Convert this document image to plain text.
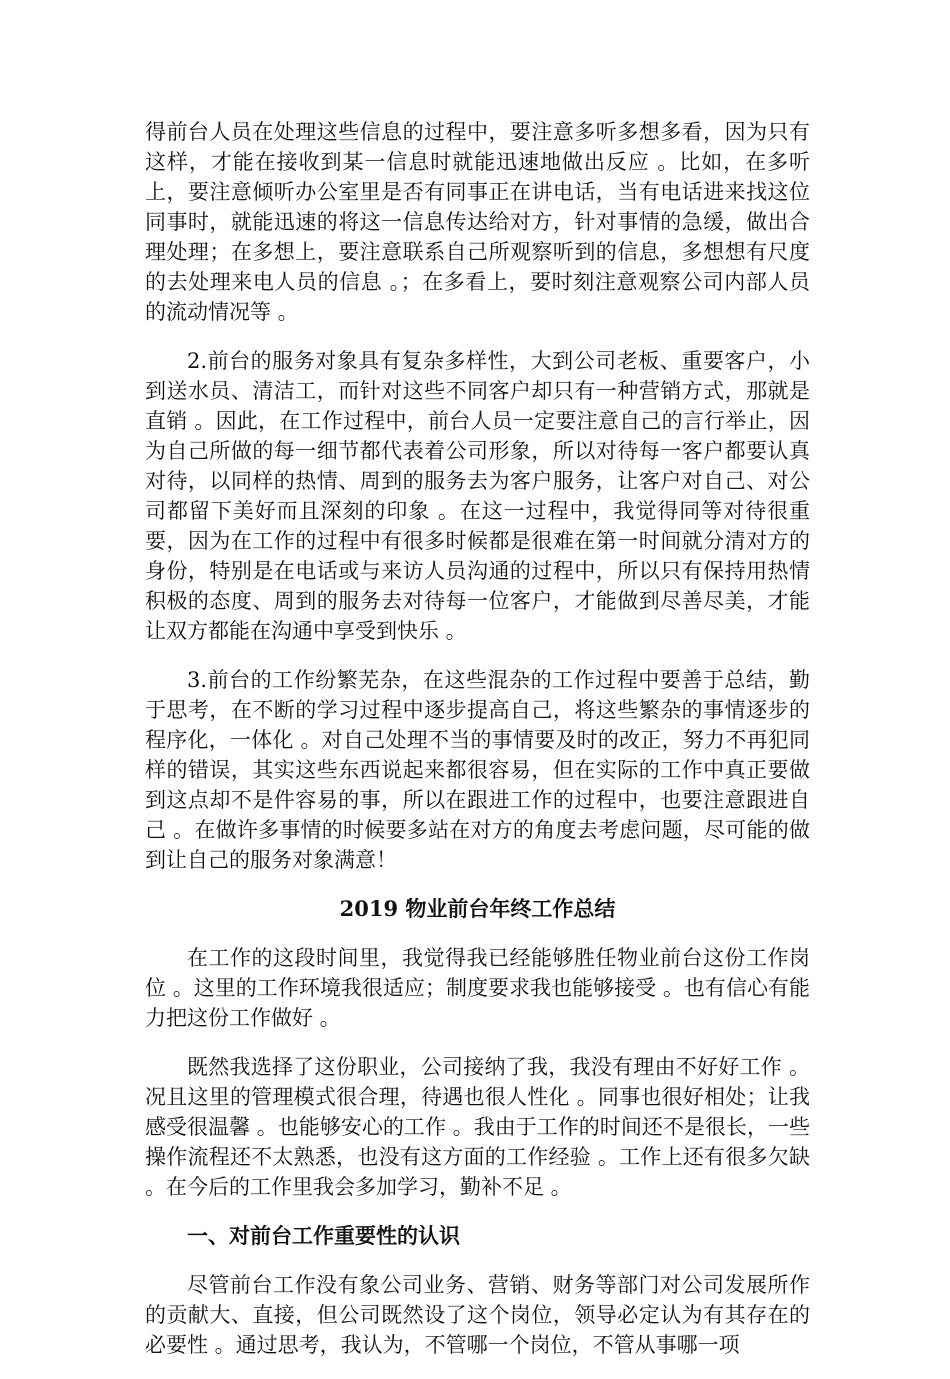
得前台人员在处理这些信息的过程中，要注意多听多想多看，因为只有这样，才能在接收到某一信息时就能迅速地做出反应 。比如，在多听上，要注意倾听办公室里是否有同事正在讲电话，当有电话进来找这位同事时，就能迅速的将这一信息传达给对方，针对事情的急缓，做出合理处理；在多想上，要注意联系自己所观察听到的信息，多想想有尺度的去处理来电人员的信息 。；在多看上，要时刻注意观察公司内部人员的流动情况等 。

2.前台的服务对象具有复杂多样性，大到公司老板、重要客户，小到送水员、清洁工，而针对这些不同客户却只有一种营销方式，那就是直销 。因此，在工作过程中，前台人员一定要注意自己的言行举止，因为自己所做的每一细节都代表着公司形象，所以对待每一客户都要认真对待，以同样的热情、周到的服务去为客户服务，让客户对自己、对公司都留下美好而且深刻的印象 。在这一过程中，我觉得同等对待很重要，因为在工作的过程中有很多时候都是很难在第一时间就分清对方的身份，特别是在电话或与来访人员沟通的过程中，所以只有保持用热情积极的态度、周到的服务去对待每一位客户，才能做到尽善尽美，才能让双方都能在沟通中享受到快乐 。

3.前台的工作纷繁芜杂，在这些混杂的工作过程中要善于总结，勤于思考，在不断的学习过程中逐步提高自己，将这些繁杂的事情逐步的程序化，一体化 。对自己处理不当的事情要及时的改正，努力不再犯同样的错误，其实这些东西说起来都很容易，但在实际的工作中真正要做到这点却不是件容易的事，所以在跟进工作的过程中，也要注意跟进自己 。在做许多事情的时候要多站在对方的角度去考虑问题，尽可能的做到让自己的服务对象满意！

2019 物业前台年终工作总结

在工作的这段时间里，我觉得我已经能够胜任物业前台这份工作岗位 。这里的工作环境我很适应；制度要求我也能够接受 。也有信心有能力把这份工作做好 。

既然我选择了这份职业，公司接纳了我，我没有理由不好好工作 。况且这里的管理模式很合理，待遇也很人性化 。同事也很好相处；让我感受很温馨 。也能够安心的工作 。我由于工作的时间还不是很长，一些操作流程还不太熟悉，也没有这方面的工作经验 。工作上还有很多欠缺 。在今后的工作里我会多加学习，勤补不足 。

一、对前台工作重要性的认识

尽管前台工作没有象公司业务、营销、财务等部门对公司发展所作的贡献大、直接，但公司既然设了这个岗位，领导必定认为有其存在的必要性 。通过思考，我认为，不管哪一个岗位，不管从事哪一项
